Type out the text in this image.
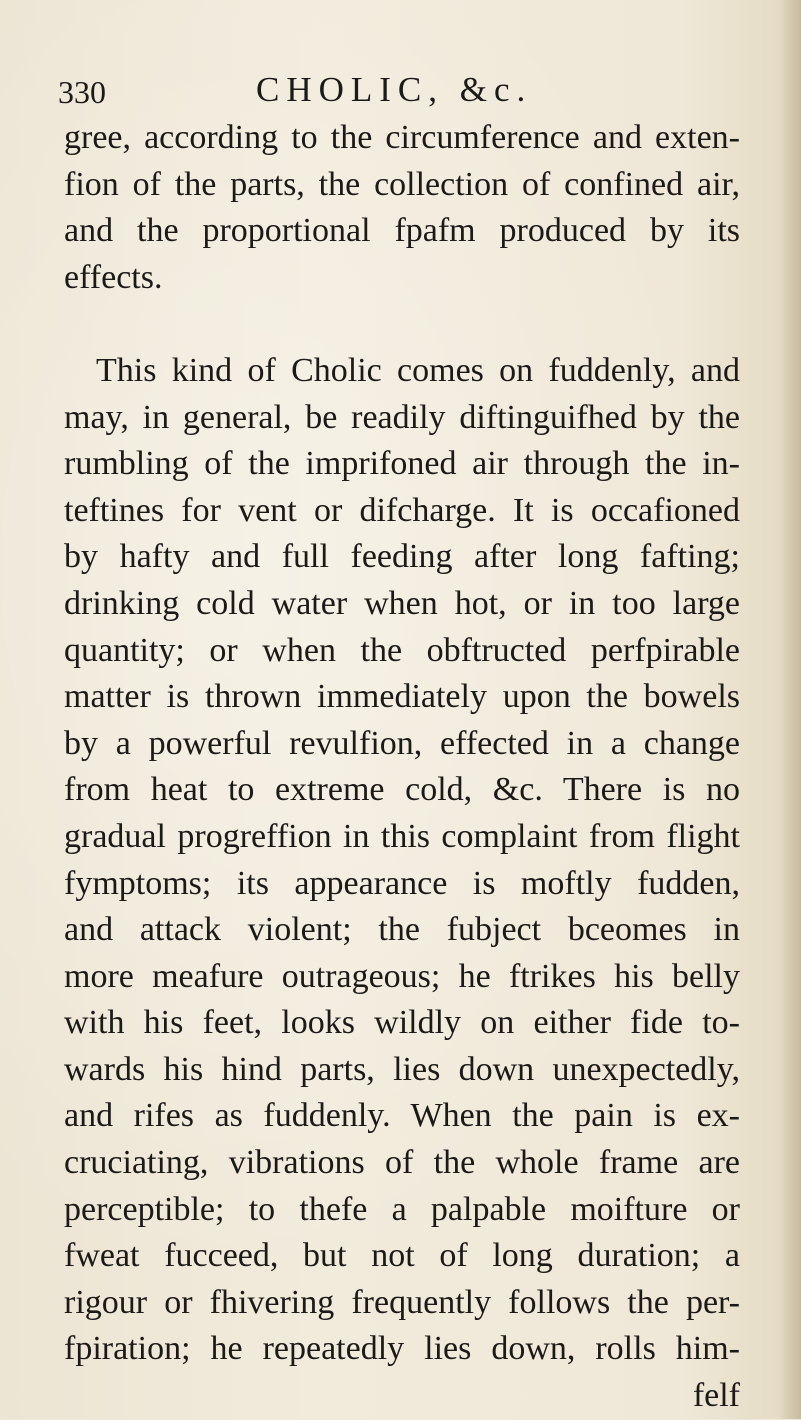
330	CHOLIC, &c.
gree, according to the circumference and exten-
fion of the parts, the collection of confined air,
and the proportional fpafm produced by its
effects.
This kind of Cholic comes on fuddenly, and
may, in general, be readily diftinguifhed by the
rumbling of the imprifoned air through the in-
teftines for vent or difcharge. It is occafioned
by hafty and full feeding after long fafting;
drinking cold water when hot, or in too large
quantity; or when the obftructed perfpirable
matter is thrown immediately upon the bowels
by a powerful revulfion, effected in a change
from heat to extreme cold, &c. There is no
gradual progreffion in this complaint from flight
fymptoms; its appearance is moftly fudden,
and attack violent; the fubject bceomes in
more meafure outrageous; he ftrikes his belly
with his feet, looks wildly on either fide to-
wards his hind parts, lies down unexpectedly,
and rifes as fuddenly. When the pain is ex-
cruciating, vibrations of the whole frame are
perceptible; to thefe a palpable moifture or
fweat fucceed, but not of long duration; a
rigour or fhivering frequently follows the per-
fpiration; he repeatedly lies down, rolls him-
felf
